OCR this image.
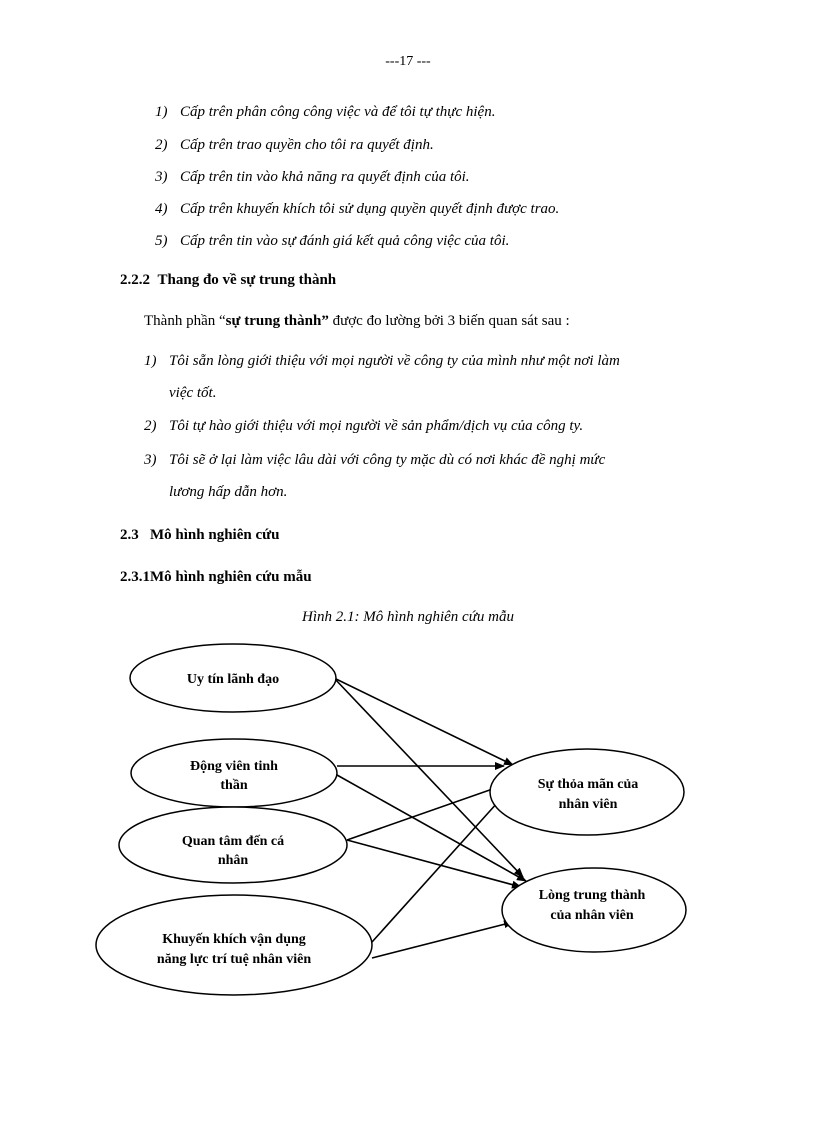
---17 ---
1) Cấp trên phân công công việc và để tôi tự thực hiện.
2) Cấp trên trao quyền cho tôi ra quyết định.
3) Cấp trên tin vào khả năng ra quyết định của tôi.
4) Cấp trên khuyến khích tôi sử dụng quyền quyết định được trao.
5) Cấp trên tin vào sự đánh giá kết quả công việc của tôi.
2.2.2 Thang đo về sự trung thành
Thành phần “sự trung thành” được đo lường bởi 3 biến quan sát sau :
1) Tôi sẵn lòng giới thiệu với mọi người về công ty của mình như một nơi làm
việc tốt.
2) Tôi tự hào giới thiệu với mọi người về sản phẩm/dịch vụ của công ty.
3) Tôi sẽ ở lại làm việc lâu dài với công ty mặc dù có nơi khác đề nghị mức
lương hấp dẫn hơn.
2.3 Mô hình nghiên cứu
2.3.1Mô hình nghiên cứu mẫu
Hình 2.1: Mô hình nghiên cứu mẫu
Uy tín lãnh đạo
Động viên tinh
thần
Quan tâm đến cá
nhân
Khuyến khích vận dụng
năng lực trí tuệ nhân viên
Sự thỏa mãn của
nhân viên
Lòng trung thành
của nhân viên
